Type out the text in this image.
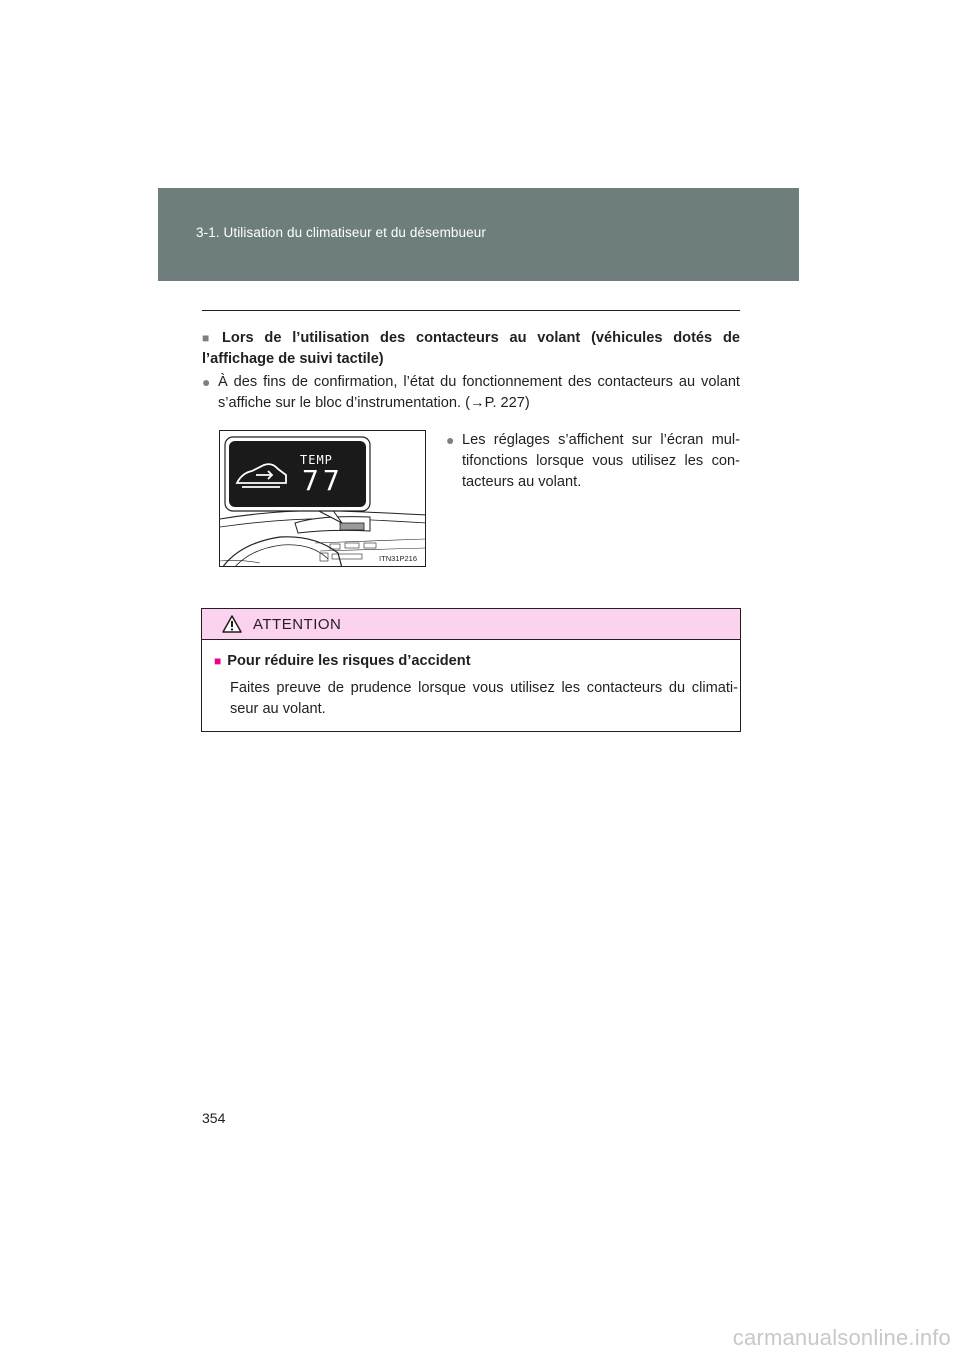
3-1. Utilisation du climatiseur et du désembueur
■ Lors de l’utilisation des contacteurs au volant (véhicules dotés de l’affichage de suivi tactile)
● À des fins de confirmation, l’état du fonctionnement des contacteurs au volant s’affiche sur le bloc d’instrumentation. (→P. 227)
TEMP
77
ITN31P216
● Les réglages s’affichent sur l’écran mul-tifonctions lorsque vous utilisez les con-tacteurs au volant.
ATTENTION
■ Pour réduire les risques d’accident
Faites preuve de prudence lorsque vous utilisez les contacteurs du climati-seur au volant.
354
carmanualsonline.info
